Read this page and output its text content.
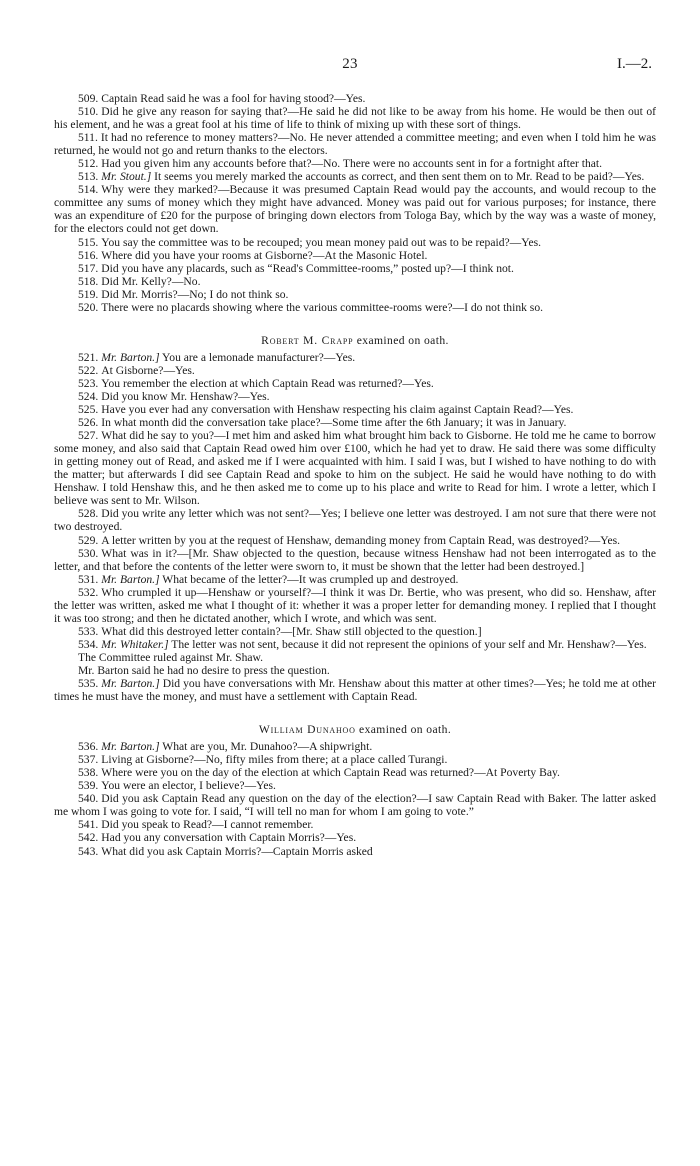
23	I.—2.

509. Captain Read said he was a fool for having stood?—Yes.

510. Did he give any reason for saying that?—He said he did not like to be away from his home. He would be then out of his element, and he was a great fool at his time of life to think of mixing up with these sort of things.

511. It had no reference to money matters?—No. He never attended a committee meeting; and even when I told him he was returned, he would not go and return thanks to the electors.

512. Had you given him any accounts before that?—No. There were no accounts sent in for a fortnight after that.

513. Mr. Stout.] It seems you merely marked the accounts as correct, and then sent them on to Mr. Read to be paid?—Yes.

514. Why were they marked?—Because it was presumed Captain Read would pay the accounts, and would recoup to the committee any sums of money which they might have advanced. Money was paid out for various purposes; for instance, there was an expenditure of £20 for the purpose of bringing down electors from Tologa Bay, which by the way was a waste of money, for the electors could not get down.

515. You say the committee was to be recouped; you mean money paid out was to be repaid?—Yes.

516. Where did you have your rooms at Gisborne?—At the Masonic Hotel.

517. Did you have any placards, such as “Read's Committee-rooms,” posted up?—I think not.

518. Did Mr. Kelly?—No.

519. Did Mr. Morris?—No; I do not think so.

520. There were no placards showing where the various committee-rooms were?—I do not think so.

Robert M. Crapp examined on oath.

521. Mr. Barton.] You are a lemonade manufacturer?—Yes.

522. At Gisborne?—Yes.

523. You remember the election at which Captain Read was returned?—Yes.

524. Did you know Mr. Henshaw?—Yes.

525. Have you ever had any conversation with Henshaw respecting his claim against Captain Read?—Yes.

526. In what month did the conversation take place?—Some time after the 6th January; it was in January.

527. What did he say to you?—I met him and asked him what brought him back to Gisborne. He told me he came to borrow some money, and also said that Captain Read owed him over £100, which he had yet to draw. He said there was some difficulty in getting money out of Read, and asked me if I were acquainted with him. I said I was, but I wished to have nothing to do with the matter; but afterwards I did see Captain Read and spoke to him on the subject. He said he would have nothing to do with Henshaw. I told Henshaw this, and he then asked me to come up to his place and write to Read for him. I wrote a letter, which I believe was sent to Mr. Wilson.

528. Did you write any letter which was not sent?—Yes; I believe one letter was destroyed. I am not sure that there were not two destroyed.

529. A letter written by you at the request of Henshaw, demanding money from Captain Read, was destroyed?—Yes.

530. What was in it?—[Mr. Shaw objected to the question, because witness Henshaw had not been interrogated as to the letter, and that before the contents of the letter were sworn to, it must be shown that the letter had been destroyed.]

531. Mr. Barton.] What became of the letter?—It was crumpled up and destroyed.

532. Who crumpled it up—Henshaw or yourself?—I think it was Dr. Bertie, who was present, who did so. Henshaw, after the letter was written, asked me what I thought of it: whether it was a proper letter for demanding money. I replied that I thought it was too strong; and then he dictated another, which I wrote, and which was sent.

533. What did this destroyed letter contain?—[Mr. Shaw still objected to the question.]

534. Mr. Whitaker.] The letter was not sent, because it did not represent the opinions of your self and Mr. Henshaw?—Yes.

The Committee ruled against Mr. Shaw.

Mr. Barton said he had no desire to press the question.

535. Mr. Barton.] Did you have conversations with Mr. Henshaw about this matter at other times?—Yes; he told me at other times he must have the money, and must have a settlement with Captain Read.

William Dunahoo examined on oath.

536. Mr. Barton.] What are you, Mr. Dunahoo?—A shipwright.

537. Living at Gisborne?—No, fifty miles from there; at a place called Turangi.

538. Where were you on the day of the election at which Captain Read was returned?—At Poverty Bay.

539. You were an elector, I believe?—Yes.

540. Did you ask Captain Read any question on the day of the election?—I saw Captain Read with Baker. The latter asked me whom I was going to vote for. I said, “I will tell no man for whom I am going to vote.”

541. Did you speak to Read?—I cannot remember.

542. Had you any conversation with Captain Morris?—Yes.

543. What did you ask Captain Morris?—Captain Morris asked
